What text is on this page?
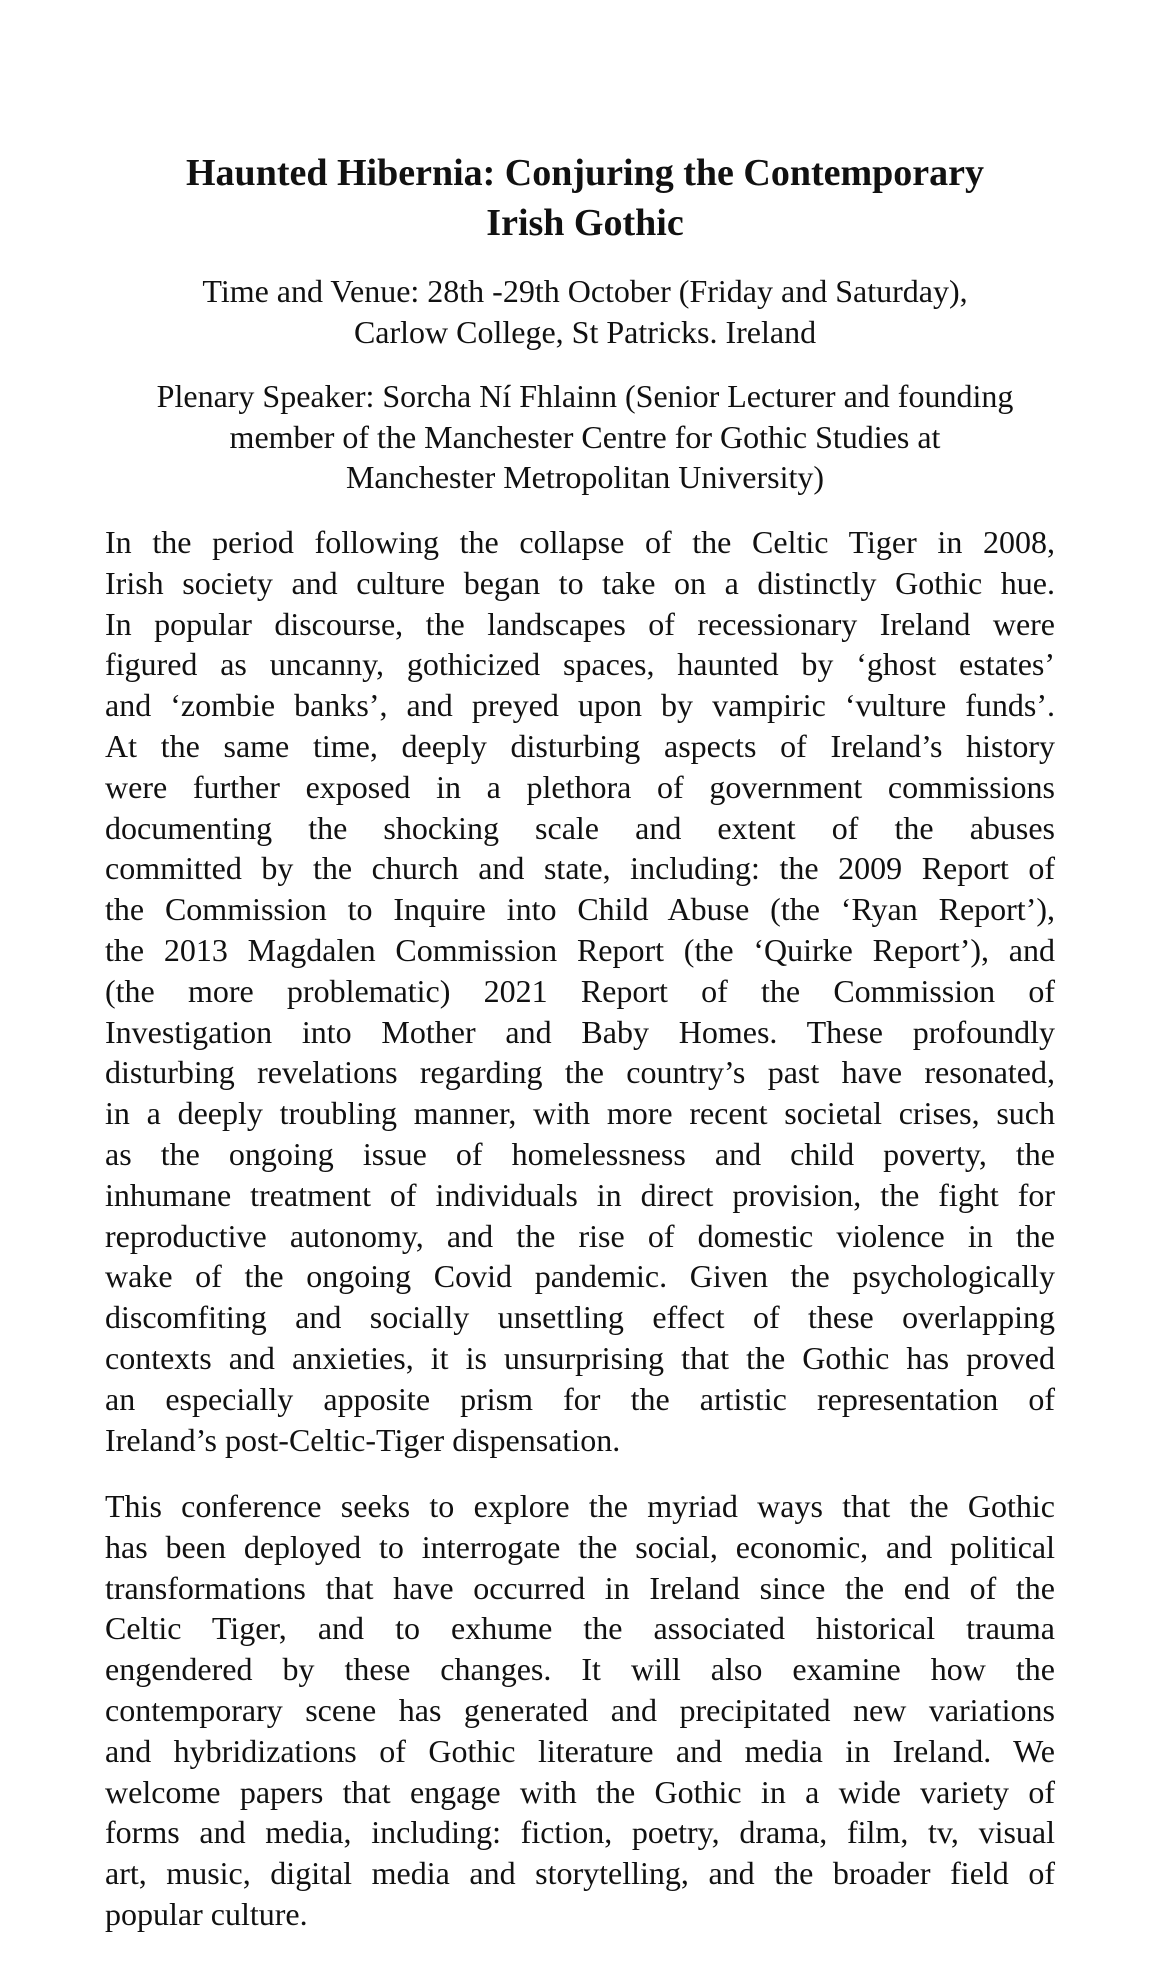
Haunted Hibernia: Conjuring the Contemporary
Irish Gothic
Time and Venue: 28th -29th October (Friday and Saturday),
Carlow College, St Patricks. Ireland
Plenary Speaker: Sorcha Ní Fhlainn (Senior Lecturer and founding
member of the Manchester Centre for Gothic Studies at
Manchester Metropolitan University)
In the period following the collapse of the Celtic Tiger in 2008,
Irish society and culture began to take on a distinctly Gothic hue.
In popular discourse, the landscapes of recessionary Ireland were
figured as uncanny, gothicized spaces, haunted by ‘ghost estates’
and ‘zombie banks’, and preyed upon by vampiric ‘vulture funds’.
At the same time, deeply disturbing aspects of Ireland’s history
were further exposed in a plethora of government commissions
documenting the shocking scale and extent of the abuses
committed by the church and state, including: the 2009 Report of
the Commission to Inquire into Child Abuse (the ‘Ryan Report’),
the 2013 Magdalen Commission Report (the ‘Quirke Report’), and
(the more problematic) 2021 Report of the Commission of
Investigation into Mother and Baby Homes. These profoundly
disturbing revelations regarding the country’s past have resonated,
in a deeply troubling manner, with more recent societal crises, such
as the ongoing issue of homelessness and child poverty, the
inhumane treatment of individuals in direct provision, the fight for
reproductive autonomy, and the rise of domestic violence in the
wake of the ongoing Covid pandemic. Given the psychologically
discomfiting and socially unsettling effect of these overlapping
contexts and anxieties, it is unsurprising that the Gothic has proved
an especially apposite prism for the artistic representation of
Ireland’s post-Celtic-Tiger dispensation.
This conference seeks to explore the myriad ways that the Gothic
has been deployed to interrogate the social, economic, and political
transformations that have occurred in Ireland since the end of the
Celtic Tiger, and to exhume the associated historical trauma
engendered by these changes. It will also examine how the
contemporary scene has generated and precipitated new variations
and hybridizations of Gothic literature and media in Ireland. We
welcome papers that engage with the Gothic in a wide variety of
forms and media, including: fiction, poetry, drama, film, tv, visual
art, music, digital media and storytelling, and the broader field of
popular culture.
